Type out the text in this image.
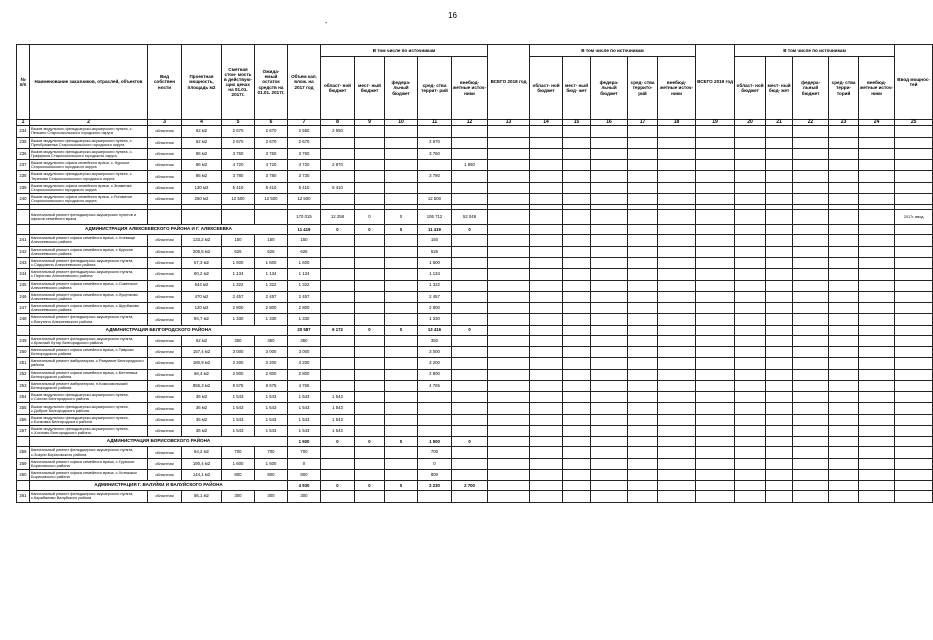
16
-
№ п/п	Наименование заказчиков, отраслей, объектов	Вид собствен ности	Проектная мощность, площадь м2	Сметная стои- мость в действую- щих ценах на 01.01. 2017г.	Ожида- емый остаток средств на 01.01. 2017г.	Объем кап. влож. на 2017 год	В том числе по источникам					ВСЕГО 2018 год	В том числе по источникам					ВСЕГО 2019 год	В том числе по источникам					Ввод мощнос- тей
							област- ной бюджет	мест- ный бюджет	федера- льный бюджет	сред- ства террит- рий	внебюд- жетные источ- ники		област- ной бюджет	мест- ный бюд- жет	федера- льный бюджет	сред- ства террито- рий	внебюд- жетные источ- ники		област- ной бюджет	мест- ный бюд- жет	федера- льный бюджет	сред- ства терри- торий	внебюд- жетные источ- ники	
1	2	3	4	5	6	7	8	9	10	11	12	13	14	15	16	17	18	19	20	21	22	23	24	25
234	Вызов модульного фельдшерско-акушерского пункта, с. Пенкино Старооскольского городского округа	областная	62 м2	2 670	2 670	2 550	2 550																	
235	Вызов модульного фельдшерско-акушерского пункта, с. Преображенка Старооскольского городского округа	областная	62 м2	2 670	2 670	2 670				2 670														
236	Вызов модульного фельдшерско-акушерского пункта, с. Граффиоя Старооскольского городского округа	областная	86 м2	3 760	3 760	3 760				3 760														
237	Вызов модульного офиса семейного врача, с. Курское Старооскольского городского округа	областная	86 м2	4 720	4 720	4 720	2 870				1 850													
238	Вызов модульного фельдшерско-акушерского пункта, с. Терехова Старооскольского городского округа	областная	86 м2	3 780	3 780	3 730				3 780														
239	Вызов модульного офиса семейного врача, с.Знаменка Старооскольского городского округа	областная	130 м2	5 410	5 410	5 410	5 410																	
240	Вызов модульного офиса семейного врача, с.Роговатое Старооскольского городского округа	областная	250 м2	12 500	12 500	12 500				12 500														

	Капитальный ремонт фельдшерско-акушерских пунктов и офисов семейного врача					170 015	12 258	0	0	106 712	52 048													2017г. ввод
	АДМИНИСТРАЦИЯ АЛЕКСЕЕВСКОГО РАЙОНА И Г. АЛЕКСЕЕВКА					11 419	0	0	0	11 419	0													
241	Капитальный ремонт офиса семейного врача, с.Хлевище Алексеевского района	областная	133,2 м2	150	150	150				150														
242	Капитальный ремонт офиса семейного врача, с.Курское Алексеевского района	областная	205,5 м2	626	626	626				626														
243	Капитальный ремонт фельдшерско-акушерского пункта, с.Сидоркино Алексеевского района	областная	57,3 м2	1 600	1 600	1 600				1 600														
244	Капитальный ремонт фельдшерско-акушерского пункта, с.Пирогово Алексеевского района	областная	80,2 м2	1 134	1 134	1 134				1 134														
245	Капитальный ремонт офиса семейного врача, с.Советское Алексеевского района	областная	544 м2	1 322	1 322	1 322				1 322														
246	Капитальный ремонт офиса семейного врача, с.Луценково Алексеевского района	областная	470 м2	2 457	2 457	2 457				2 457														
247	Капитальный ремонт офиса семейного врача, с.Щербаково Алексеевского района	областная	120 м2	2 800	2 800	2 800				2 800														
248	Капитальный ремонт фельдшерско-акушерского пункта, с.Ватутино Алексеевского района	областная	84,7 м2	1 330	1 330	1 330				1 330														
	АДМИНИСТРАЦИЯ БЕЛГОРОДСКОГО РАЙОНА					20 587	6 172	0	0	13 416	0													
249	Капитальный ремонт фельдшерско-акушерского пункта, с.Красный Хутор Белгородского района	областная	62 м2	350	350	350				350														
250	Капитальный ремонт офиса семейного врача, с.Таврово Белгородского района	областная	157,4 м2	3 000	3 000	3 000				3 000														
251	Капитальный ремонт амбулатории, с.Разумное Белгородского района	областная	180,9 м2	3 200	3 200	3 200				3 200														
252	Капитальный ремонт офиса семейного врача, с.Бехтеевка Белгородского района	областная	68,4 м2	2 800	2 800	2 800				2 800														
253	Капитальный ремонт амбулатории, п.Комсомольский Белгородского района	областная	855,3 м2	9 675	9 675	4 765				4 765														
254	Вызов модульного фельдшерско-акушерского пункта, с.Солохи Белгородского района	областная	36 м2	1 543	1 543	1 543	1 543																	
255	Вызов модульного фельдшерско-акушерского пункта, с.Доброе Белгородского района	областная	36 м2	1 543	1 543	1 543	1 543																	
256	Вызов модульного фельдшерско-акушерского пункта, с.Бочковка Белгородского района	областная	36 м2	1 543	1 543	1 543	1 543																	
257	Вызов модульного фельдшерско-акушерского пункта, с.Хохлово Белгородского района	областная	36 м2	1 543	1 543	1 543	1 543																	
	АДМИНИСТРАЦИЯ БОРИСОВСКОГО РАЙОНА					1 500	0	0	0	1 500	0													
258	Капитальный ремонт фельдшерско-акушерского пункта, с.Зозули Борисовского района	областная	64,2 м2	700	700	700				700														
259	Капитальный ремонт офиса семейного врача, с.Грузское Борисовского района	областная	190,4 м2	1 600	1 600	0				0														
260	Капитальный ремонт офиса семейного врача, с.Хотмыжск Борисовского района	областная	144,1 м2	800	800	800				800														
	АДМИНИСТРАЦИЯ Г. ВАЛУЙКИ И ВАЛУЙСКОГО РАЙОНА					4 930	0	0	0	2 230	2 700													
261	Капитальный ремонт фельдшерско-акушерского пункта, с.Карабаново Валуйского района	областная	56,1 м2	300	300	300																		
